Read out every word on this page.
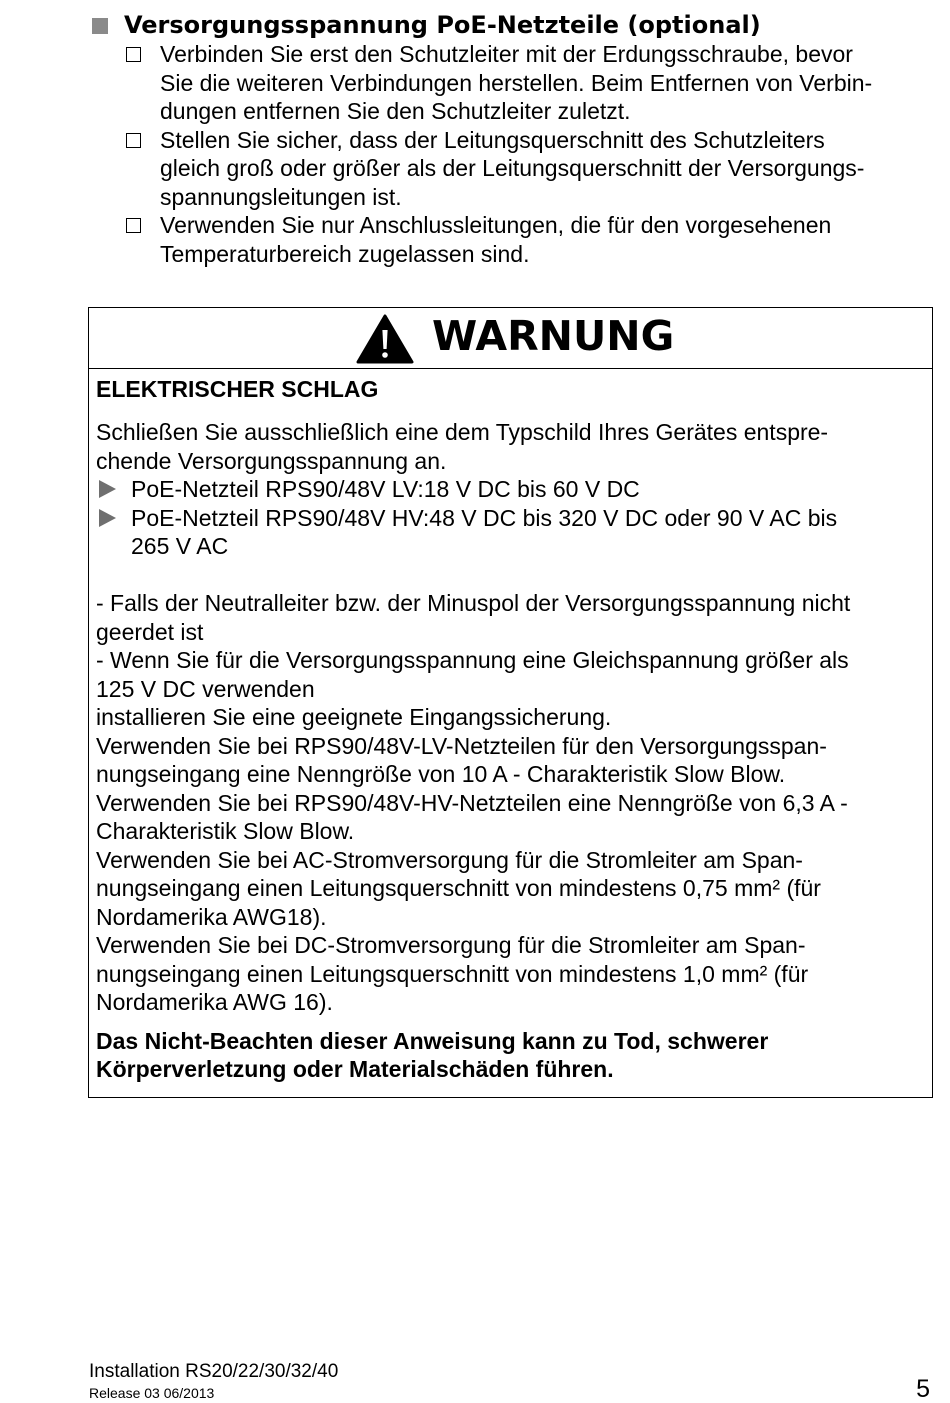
Versorgungsspannung PoE-Netzteile (optional)
Verbinden Sie erst den Schutzleiter mit der Erdungsschraube, bevor
Sie die weiteren Verbindungen herstellen. Beim Entfernen von Verbin-
dungen entfernen Sie den Schutzleiter zuletzt.
Stellen Sie sicher, dass der Leitungsquerschnitt des Schutzleiters
gleich groß oder größer als der Leitungsquerschnitt der Versorgungs-
spannungsleitungen ist.
Verwenden Sie nur Anschlussleitungen, die für den vorgesehenen
Temperaturbereich zugelassen sind.
WARNUNG
ELEKTRISCHER SCHLAG
Schließen Sie ausschließlich eine dem Typschild Ihres Gerätes entspre-
chende Versorgungsspannung an.
PoE-Netzteil RPS90/48V LV:18 V DC bis 60 V DC
PoE-Netzteil RPS90/48V HV:48 V DC bis 320 V DC oder 90 V AC bis
265 V AC
- Falls der Neutralleiter bzw. der Minuspol der Versorgungsspannung nicht
geerdet ist
- Wenn Sie für die Versorgungsspannung eine Gleichspannung größer als
125 V DC verwenden
installieren Sie eine geeignete Eingangssicherung.
Verwenden Sie bei RPS90/48V-LV-Netzteilen für den Versorgungsspan-
nungseingang eine Nenngröße von 10 A - Charakteristik Slow Blow.
Verwenden Sie bei RPS90/48V-HV-Netzteilen eine Nenngröße von 6,3 A -
Charakteristik Slow Blow.
Verwenden Sie bei AC-Stromversorgung für die Stromleiter am Span-
nungseingang einen Leitungsquerschnitt von mindestens 0,75 mm² (für
Nordamerika AWG18).
Verwenden Sie bei DC-Stromversorgung für die Stromleiter am Span-
nungseingang einen Leitungsquerschnitt von mindestens 1,0 mm² (für
Nordamerika AWG 16).
Das Nicht-Beachten dieser Anweisung kann zu Tod, schwerer
Körperverletzung oder Materialschäden führen.
Installation RS20/22/30/32/40
Release 03 06/2013	5
